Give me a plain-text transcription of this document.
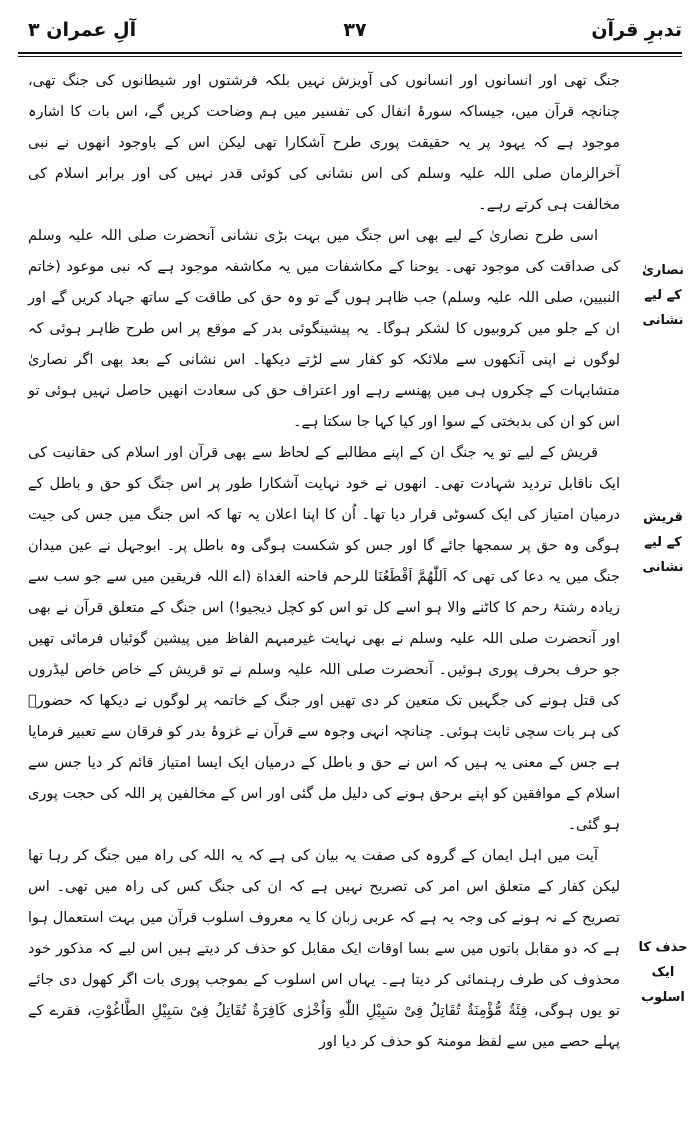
تدبرِ قرآن
۳۷
آلِ عمران ۳
نصاریٰ
کے لیے
نشانی
قریش
کے لیے
نشانی
حذف کا
ایک اسلوب

جنگ تھی اور انسانوں اور انسانوں کی آویزش نہیں بلکہ فرشتوں اور شیطانوں کی جنگ تھی، چنانچہ قرآن میں، جیساکہ سورۂ انفال کی تفسیر میں ہم وضاحت کریں گے، اس بات کا اشارہ موجود ہے کہ یہود پر یہ حقیقت پوری طرح آشکارا تھی لیکن اس کے باوجود انھوں نے نبی آخرالزمان صلی اللہ علیہ وسلم کی اس نشانی کی کوئی قدر نہیں کی اور برابر اسلام کی مخالفت ہی کرتے رہے۔

اسی طرح نصاریٰ کے لیے بھی اس جنگ میں بہت بڑی نشانی آنحضرت صلی اللہ علیہ وسلم کی صداقت کی موجود تھی۔ یوحنا کے مکاشفات میں یہ مکاشفہ موجود ہے کہ نبی موعود (خاتم النبیین، صلی اللہ علیہ وسلم) جب ظاہر ہوں گے تو وہ حق کی طاقت کے ساتھ جہاد کریں گے اور ان کے جلو میں کروبیوں کا لشکر ہوگا۔ یہ پیشینگوئی بدر کے موقع پر اس طرح ظاہر ہوئی کہ لوگوں نے اپنی آنکھوں سے ملائکہ کو کفار سے لڑتے دیکھا۔ اس نشانی کے بعد بھی اگر نصاریٰ متشابہات کے چکروں ہی میں پھنسے رہے اور اعتراف حق کی سعادت انھیں حاصل نہیں ہوئی تو اس کو ان کی بدبختی کے سوا اور کیا کہا جا سکتا ہے۔

قریش کے لیے تو یہ جنگ ان کے اپنے مطالبے کے لحاظ سے بھی قرآن اور اسلام کی حقانیت کی ایک ناقابل تردید شہادت تھی۔ انھوں نے خود نہایت آشکارا طور پر اس جنگ کو حق و باطل کے درمیان امتیاز کی ایک کسوٹی قرار دیا تھا۔ اُن کا اپنا اعلان یہ تھا کہ اس جنگ میں جس کی جیت ہوگی وہ حق پر سمجھا جائے گا اور جس کو شکست ہوگی وہ باطل پر۔ ابوجہل نے عین میدان جنگ میں یہ دعا کی تھی کہ اَللّٰھُمَّ اَقْطَعُنَا للرحم فاحنه الغداة (اے اللہ فریقین میں سے جو سب سے زیادہ رشتۂ رحم کا کاٹنے والا ہو اسے کل تو اس کو کچل دیجیو!) اس جنگ کے متعلق قرآن نے بھی اور آنحضرت صلی اللہ علیہ وسلم نے بھی نہایت غیرمبہم الفاظ میں پیشین گوئیاں فرمائی تھیں جو حرف بحرف پوری ہوئیں۔ آنحضرت صلی اللہ علیہ وسلم نے تو قریش کے خاص خاص لیڈروں کی قتل ہونے کی جگہیں تک متعین کر دی تھیں اور جنگ کے خاتمہ پر لوگوں نے دیکھا کہ حضورؐ کی ہر بات سچی ثابت ہوئی۔ چنانچہ انہی وجوہ سے قرآن نے غزوۂ بدر کو فرقان سے تعبیر فرمایا ہے جس کے معنی یہ ہیں کہ اس نے حق و باطل کے درمیان ایک ایسا امتیاز قائم کر دیا جس سے اسلام کے موافقین کو اپنے برحق ہونے کی دلیل مل گئی اور اس کے مخالفین پر اللہ کی حجت پوری ہو گئی۔

آیت میں اہل ایمان کے گروہ کی صفت یہ بیان کی ہے کہ یہ اللہ کی راہ میں جنگ کر رہا تھا لیکن کفار کے متعلق اس امر کی تصریح نہیں ہے کہ ان کی جنگ کس کی راہ میں تھی۔ اس تصریح کے نہ ہونے کی وجہ یہ ہے کہ عربی زبان کا یہ معروف اسلوب قرآن میں بہت استعمال ہوا ہے کہ دو مقابل باتوں میں سے بسا اوقات ایک مقابل کو حذف کر دیتے ہیں اس لیے کہ مذکور خود محذوف کی طرف رہنمائی کر دیتا ہے۔ یہاں اس اسلوب کے بموجب پوری بات اگر کھول دی جائے تو یوں ہوگی، فِئَةٌ مُّؤْمِنَةٌ تُقَاتِلُ فِیْ سَبِیْلِ اللّٰهِ وَاُخْرٰی کَافِرَةٌ تُقَاتِلُ فِیْ سَبِیْلِ الطَّاغُوْتِ، فقرے کے پہلے حصے میں سے لفظ مومنۃ کو حذف کر دیا اور
